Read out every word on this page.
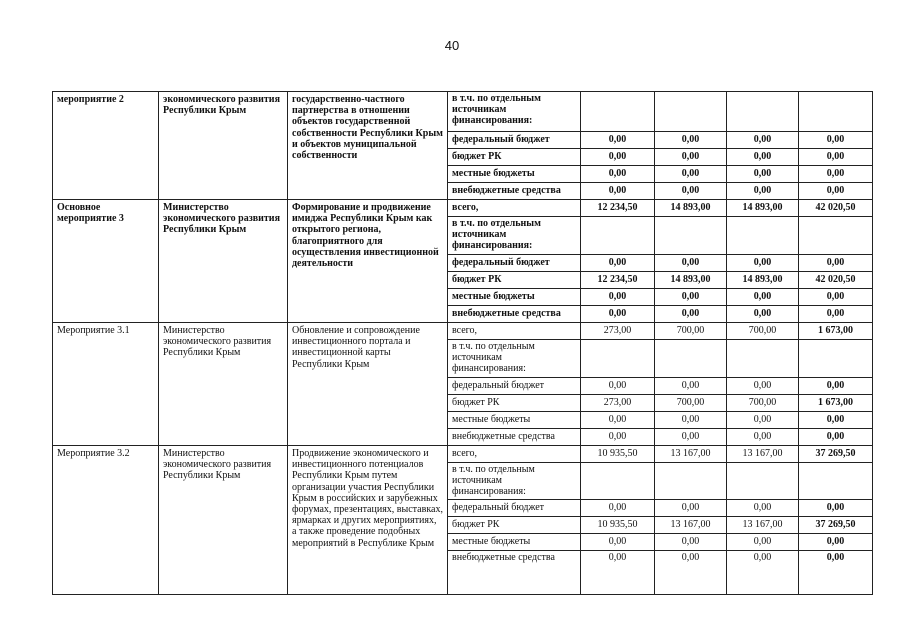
40
мероприятие 2	экономического развития Республики Крым	государственно-частного партнерства в отношении объектов государственной собственности Республики Крым и объектов муниципальной собственности	в т.ч. по отдельным источникам финансирования:				
			федеральный бюджет	0,00	0,00	0,00	0,00
			бюджет РК	0,00	0,00	0,00	0,00
			местные бюджеты	0,00	0,00	0,00	0,00
			внебюджетные средства	0,00	0,00	0,00	0,00
Основное мероприятие 3	Министерство экономического развития Республики Крым	Формирование и продвижение имиджа Республики Крым как открытого региона, благоприятного для осуществления инвестиционной деятельности	всего,	12 234,50	14 893,00	14 893,00	42 020,50
			в т.ч. по отдельным источникам финансирования:				
			федеральный бюджет	0,00	0,00	0,00	0,00
			бюджет РК	12 234,50	14 893,00	14 893,00	42 020,50
			местные бюджеты	0,00	0,00	0,00	0,00
			внебюджетные средства	0,00	0,00	0,00	0,00
Мероприятие 3.1	Министерство экономического развития Республики Крым	Обновление и сопровождение инвестиционного портала и инвестиционной карты Республики Крым	всего,	273,00	700,00	700,00	1 673,00
			в т.ч. по отдельным источникам финансирования:				
			федеральный бюджет	0,00	0,00	0,00	0,00
			бюджет РК	273,00	700,00	700,00	1 673,00
			местные бюджеты	0,00	0,00	0,00	0,00
			внебюджетные средства	0,00	0,00	0,00	0,00
Мероприятие 3.2	Министерство экономического развития Республики Крым	Продвижение экономического и инвестиционного потенциалов Республики Крым путем организации участия Республики Крым в российских и зарубежных форумах, презентациях, выставках, ярмарках и других мероприятиях, а также проведение подобных мероприятий в Республике Крым	всего,	10 935,50	13 167,00	13 167,00	37 269,50
			в т.ч. по отдельным источникам финансирования:				
			федеральный бюджет	0,00	0,00	0,00	0,00
			бюджет РК	10 935,50	13 167,00	13 167,00	37 269,50
			местные бюджеты	0,00	0,00	0,00	0,00
			внебюджетные средства	0,00	0,00	0,00	0,00
